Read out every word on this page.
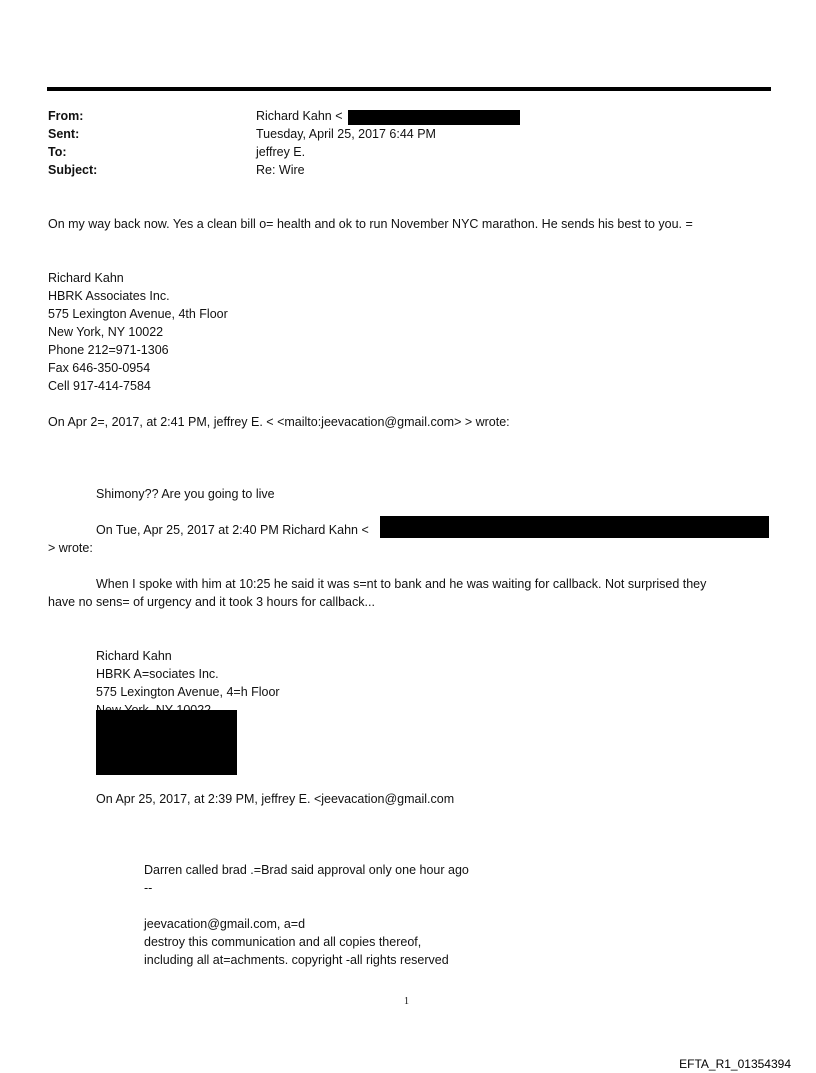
From:	Richard Kahn <
Sent:	Tuesday, April 25, 2017 6:44 PM
To:	jeffrey E.
Subject:	Re: Wire
On my way back now. Yes a clean bill o= health and ok to run November NYC marathon. He sends his best to you. =
Richard Kahn
HBRK Associates Inc.
575 Lexington Avenue, 4th Floor
New York, NY 10022
Phone 212=971-1306
Fax 646-350-0954
Cell 917-414-7584
On Apr 2=, 2017, at 2:41 PM, jeffrey E. < <mailto:jeevacation@gmail.com> > wrote:
Shimony?? Are you going to live
On Tue, Apr 25, 2017 at 2:40 PM Richard Kahn <
> wrote:
When I spoke with him at 10:25 he said it was s=nt to bank and he was waiting for callback. Not surprised they
have no sens= of urgency and it took 3 hours for callback...
Richard Kahn
HBRK A=sociates Inc.
575 Lexington Avenue, 4=h Floor
On Apr 25, 2017, at 2:39 PM, jeffrey E. <jeevacation@gmail.com
Darren called brad .=Brad said approval only one hour ago
--
jeevacation@gmail.com, a=d
destroy this communication and all copies thereof,
including all at=achments. copyright -all rights reserved
1
EFTA_R1_01354394
